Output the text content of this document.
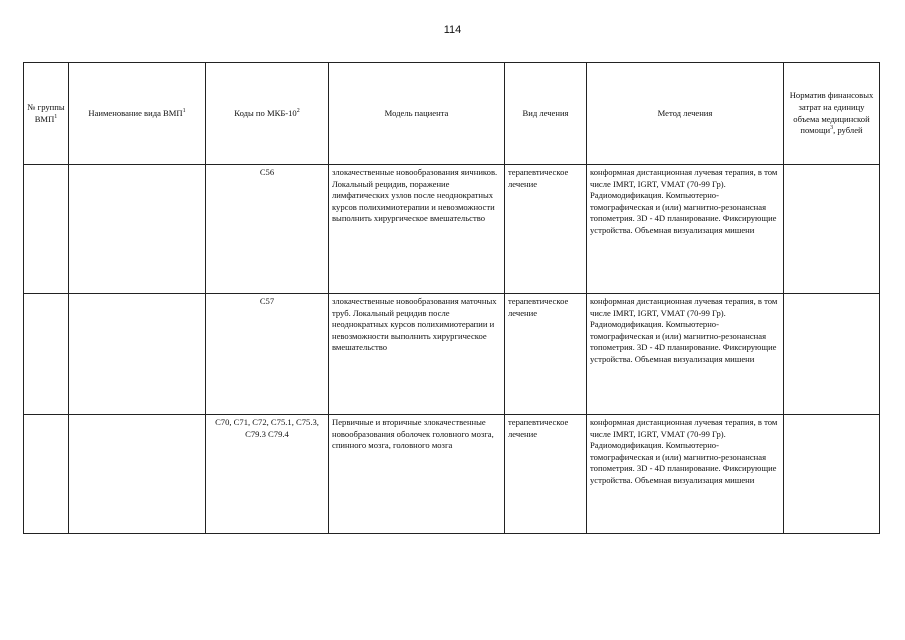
114
№ группы ВМП$^1$	Наименование вида ВМП$^1$	Коды по МКБ-$10^2$	Модель пациента	Вид лечения	Метод лечения	Норматив финансовых затрат на единицу объема медицинской помощи$^3$, рублей
		С56	злокачественные новообразования яичников. Локальный рецидив, поражение лимфатических узлов после неоднократных курсов полихимиотерапии и невозможности выполнить хирургическое вмешательство	терапевтическое лечение	конформная дистанционная лучевая терапия, в том числе IMRT, IGRT, VMAT (70-99 Гр). Радиомодификация. Компьютерно-томографическая и (или) магнитно-резонансная топометрия. 3D - 4D планирование. Фиксирующие устройства. Объемная визуализация мишени	
		С57	злокачественные новообразования маточных труб. Локальный рецидив после неоднократных курсов полихимиотерапии и невозможности выполнить хирургическое вмешательство	терапевтическое лечение	конформная дистанционная лучевая терапия, в том числе IMRT, IGRT, VMAT (70-99 Гр). Радиомодификация. Компьютерно-томографическая и (или) магнитно-резонансная топометрия. 3D - 4D планирование. Фиксирующие устройства. Объемная визуализация мишени	
		С70, С71, С72, С75.1, С75.3, С79.3 С79.4	Первичные и вторичные злокачественные новообразования оболочек головного мозга, спинного мозга, головного мозга	терапевтическое лечение	конформная дистанционная лучевая терапия, в том числе IMRT, IGRT, VMAT (70-99 Гр). Радиомодификация. Компьютерно-томографическая и (или) магнитно-резонансная топометрия. 3D - 4D планирование. Фиксирующие устройства. Объемная визуализация мишени	
